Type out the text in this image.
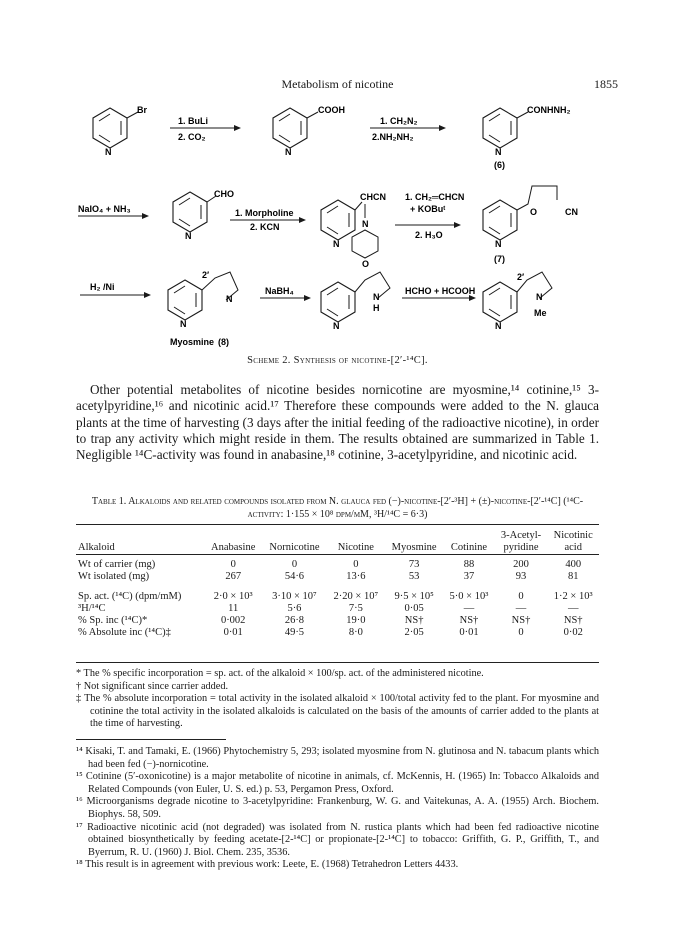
Metabolism of nicotine	1855
Br
N
1. BuLi
2. CO₂
COOH
N
1. CH₂N₂
2.NH₂NH₂
CONHNH₂
N
(6)
NaIO₄ + NH₃
CHO
N
1. Morpholine
2. KCN
CHCN
N
N
O
1. CH₂═CHCN
+ KOBuᵗ
2. H₃O
O	CN
N
(7)
H₂ /Ni
2′
N
N
Myosmine (8)
NaBH₄
N
H
N
HCHO + HCOOH
2′
N
Me
N
Scheme 2. Synthesis of nicotine-[2′-¹⁴C].
Other potential metabolites of nicotine besides nornicotine are myosmine,¹⁴ cotinine,¹⁵ 3-acetylpyridine,¹⁶ and nicotinic acid.¹⁷ Therefore these compounds were added to the N. glauca plants at the time of harvesting (3 days after the initial feeding of the radioactive nicotine), in order to trap any activity which might reside in them. The results obtained are summarized in Table 1. Negligible ¹⁴C-activity was found in anabasine,¹⁸ cotinine, 3-acetylpyridine, and nicotinic acid.
Table 1. Alkaloids and related compounds isolated from N. glauca fed (−)-nicotine-[2′-³H] + (±)-nicotine-[2′-¹⁴C] (¹⁴C-activity: 1·155 × 10⁸ dpm/mM, ³H/¹⁴C = 6·3)
						3-Acetyl-	Nicotinic
Alkaloid	Anabasine	Nornicotine	Nicotine	Myosmine	Cotinine	pyridine	acid

Wt of carrier (mg)	0	0	0	73	88	200	400
Wt isolated (mg)	267	54·6	13·6	53	37	93	81

Sp. act. (¹⁴C) (dpm/mM)	2·0 × 10³	3·10 × 10⁷	2·20 × 10⁷	9·5 × 10⁵	5·0 × 10³	0	1·2 × 10³
³H/¹⁴C	11	5·6	7·5	0·05	—	—	—
% Sp. inc (¹⁴C)*	0·002	26·8	19·0	NS†	NS†	NS†	NS†
% Absolute inc (¹⁴C)‡	0·01	49·5	8·0	2·05	0·01	0	0·02

* The % specific incorporation = sp. act. of the alkaloid × 100/sp. act. of the administered nicotine.

† Not significant since carrier added.

‡ The % absolute incorporation = total activity in the isolated alkaloid × 100/total activity fed to the plant. For myosmine and cotinine the total activity in the isolated alkaloids is calculated on the basis of the amounts of carrier added to the plants at the time of harvesting.

¹⁴ Kisaki, T. and Tamaki, E. (1966) Phytochemistry 5, 293; isolated myosmine from N. glutinosa and N. tabacum plants which had been fed (−)-nornicotine.

¹⁵ Cotinine (5′-oxonicotine) is a major metabolite of nicotine in animals, cf. McKennis, H. (1965) In: Tobacco Alkaloids and Related Compounds (von Euler, U. S. ed.) p. 53, Pergamon Press, Oxford.

¹⁶ Microorganisms degrade nicotine to 3-acetylpyridine: Frankenburg, W. G. and Vaitekunas, A. A. (1955) Arch. Biochem. Biophys. 58, 509.

¹⁷ Radioactive nicotinic acid (not degraded) was isolated from N. rustica plants which had been fed radioactive nicotine obtained biosynthetically by feeding acetate-[2-¹⁴C] or propionate-[2-¹⁴C] to tobacco: Griffith, G. P., Griffith, T., and Byerrum, R. U. (1960) J. Biol. Chem. 235, 3536.

¹⁸ This result is in agreement with previous work: Leete, E. (1968) Tetrahedron Letters 4433.
